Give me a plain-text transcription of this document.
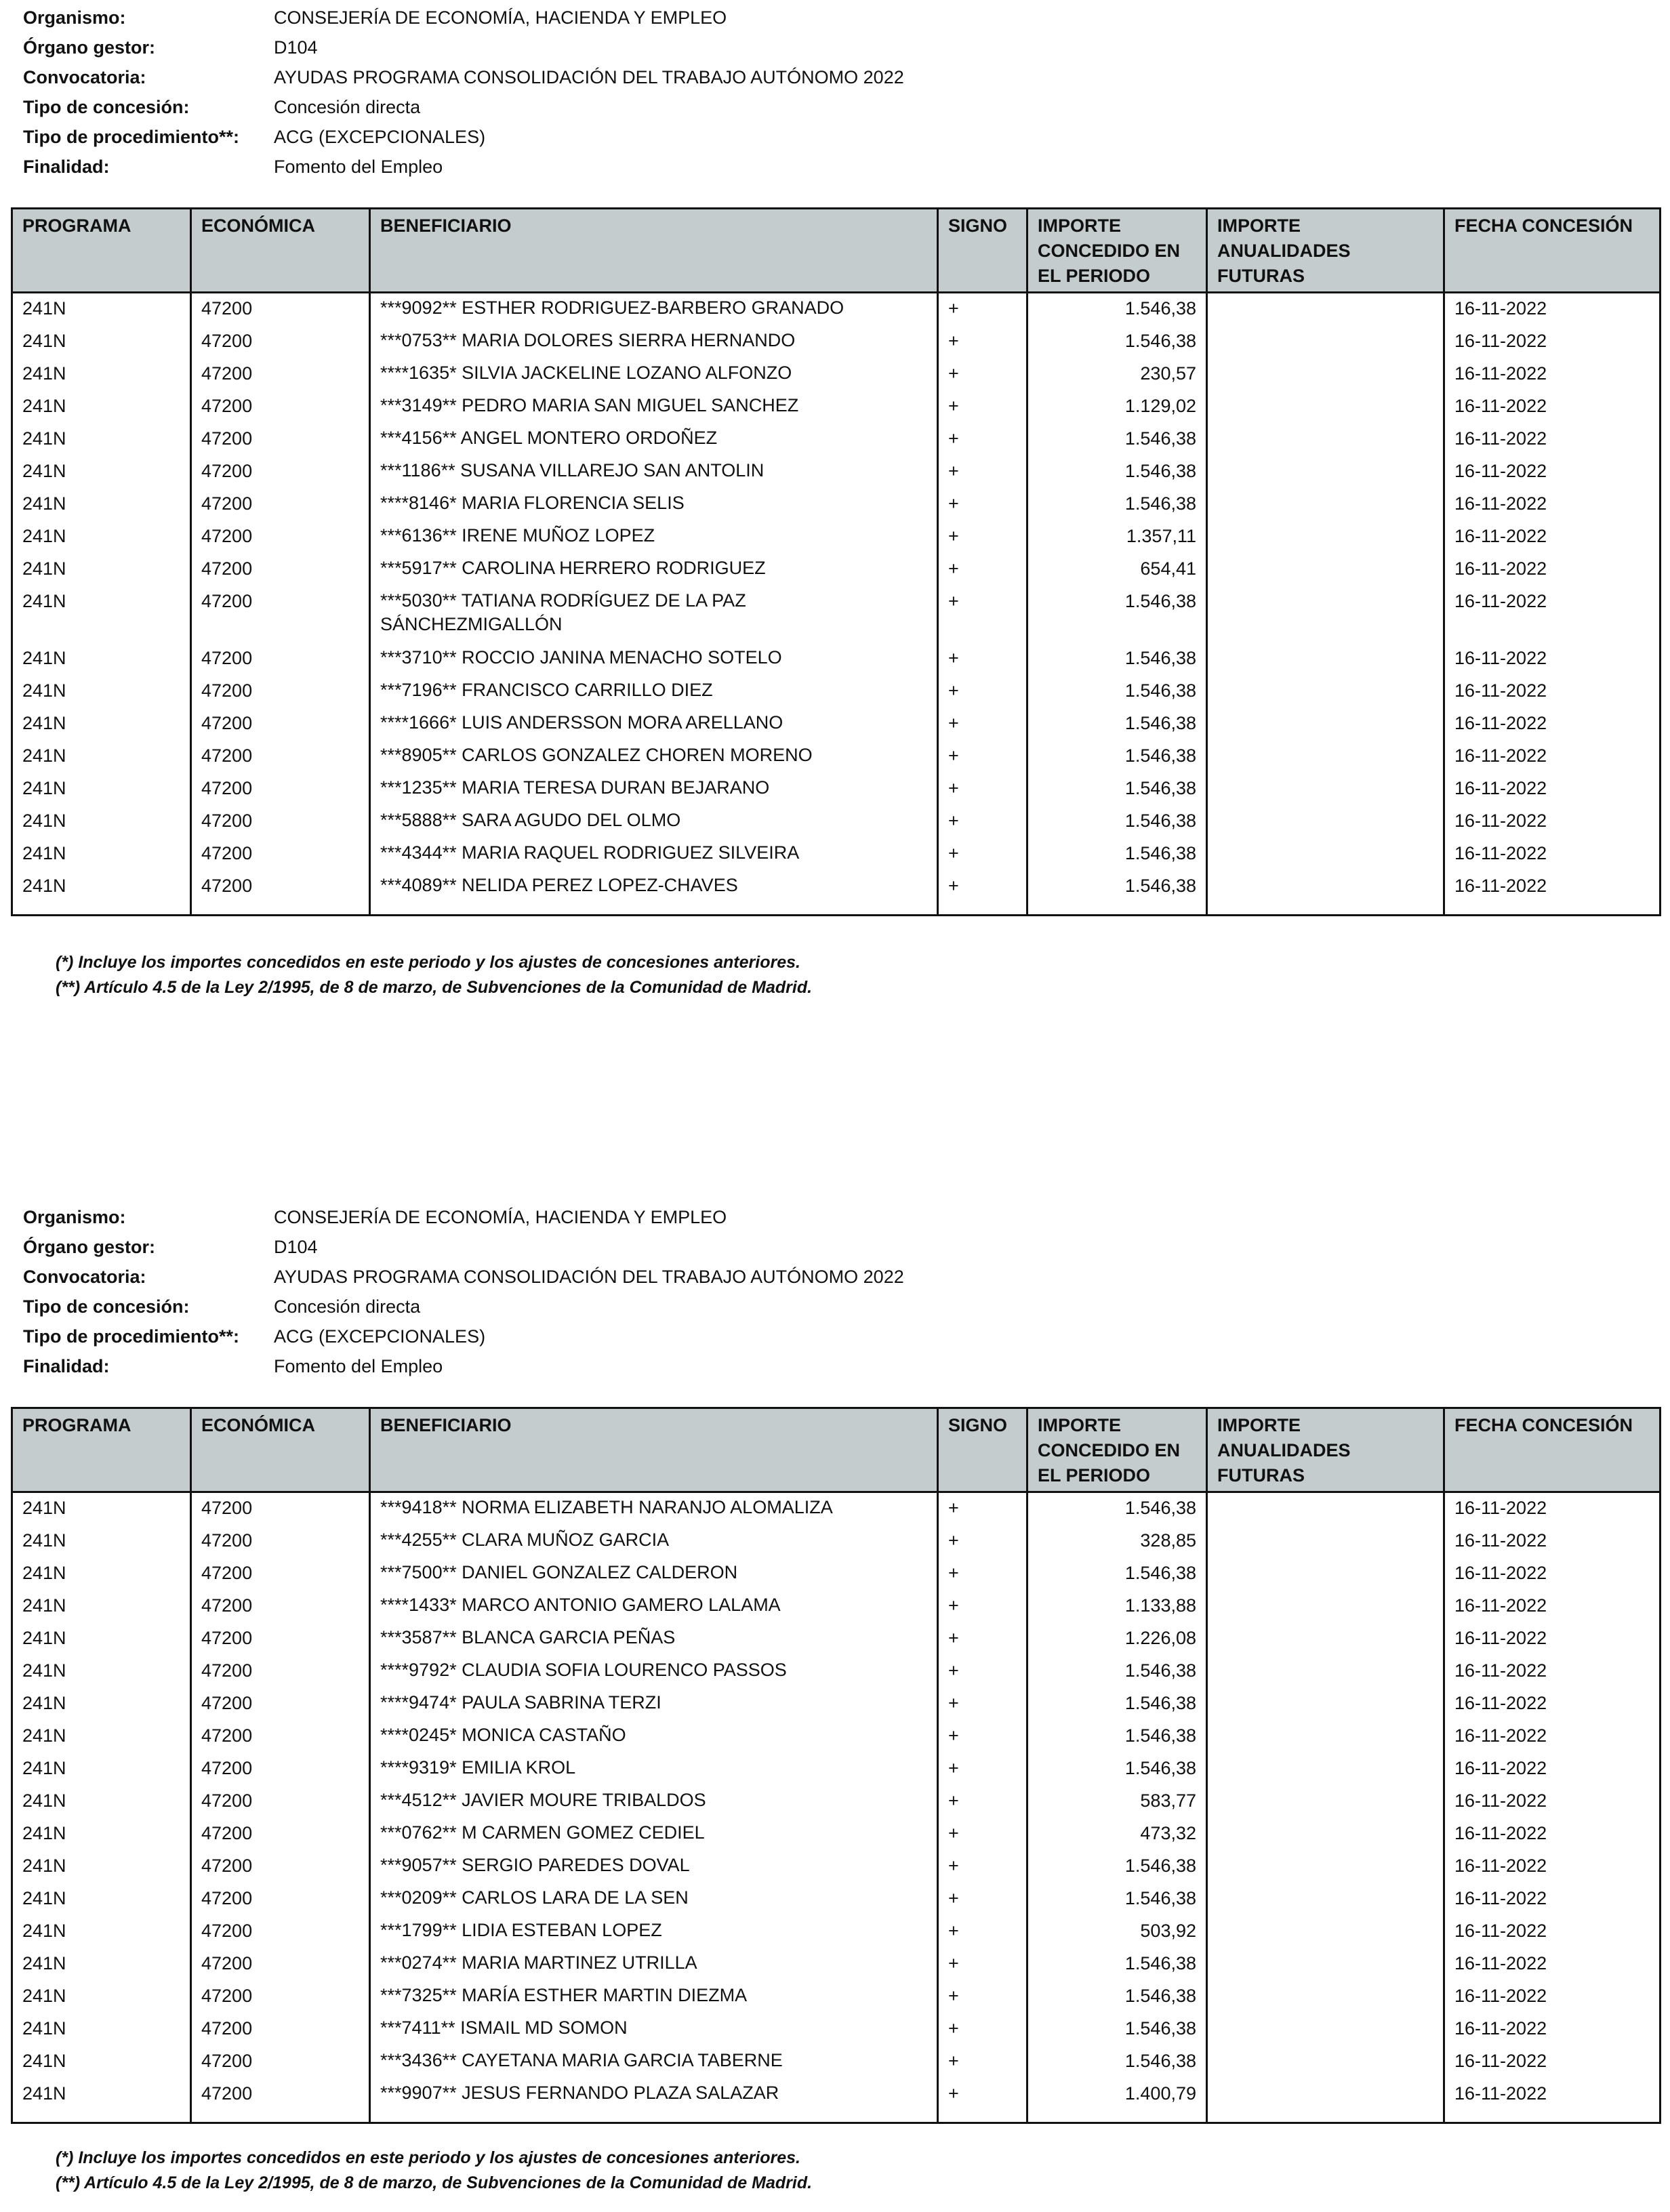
Organismo:	CONSEJERÍA DE ECONOMÍA, HACIENDA Y EMPLEO
Órgano gestor:	D104
Convocatoria:	AYUDAS PROGRAMA CONSOLIDACIÓN DEL TRABAJO AUTÓNOMO 2022
Tipo de concesión:	Concesión directa
Tipo de procedimiento**:	ACG (EXCEPCIONALES)
Finalidad:	Fomento del Empleo
PROGRAMA	ECONÓMICA	BENEFICIARIO	SIGNO	IMPORTE CONCEDIDO EN EL PERIODO	IMPORTE ANUALIDADES FUTURAS	FECHA CONCESIÓN
241N	47200	***9092** ESTHER RODRIGUEZ-BARBERO GRANADO	+	1.546,38		16-11-2022
241N	47200	***0753** MARIA DOLORES SIERRA HERNANDO	+	1.546,38		16-11-2022
241N	47200	****1635* SILVIA JACKELINE LOZANO ALFONZO	+	230,57		16-11-2022
241N	47200	***3149** PEDRO MARIA SAN MIGUEL SANCHEZ	+	1.129,02		16-11-2022
241N	47200	***4156** ANGEL MONTERO ORDOÑEZ	+	1.546,38		16-11-2022
241N	47200	***1186** SUSANA VILLAREJO SAN ANTOLIN	+	1.546,38		16-11-2022
241N	47200	****8146* MARIA FLORENCIA SELIS	+	1.546,38		16-11-2022
241N	47200	***6136** IRENE MUÑOZ LOPEZ	+	1.357,11		16-11-2022
241N	47200	***5917** CAROLINA HERRERO RODRIGUEZ	+	654,41		16-11-2022
241N	47200	***5030** TATIANA RODRÍGUEZ DE LA PAZ SÁNCHEZMIGALLÓN	+	1.546,38		16-11-2022
241N	47200	***3710** ROCCIO JANINA MENACHO SOTELO	+	1.546,38		16-11-2022
241N	47200	***7196** FRANCISCO CARRILLO DIEZ	+	1.546,38		16-11-2022
241N	47200	****1666* LUIS ANDERSSON MORA ARELLANO	+	1.546,38		16-11-2022
241N	47200	***8905** CARLOS GONZALEZ CHOREN MORENO	+	1.546,38		16-11-2022
241N	47200	***1235** MARIA TERESA DURAN BEJARANO	+	1.546,38		16-11-2022
241N	47200	***5888** SARA AGUDO DEL OLMO	+	1.546,38		16-11-2022
241N	47200	***4344** MARIA RAQUEL RODRIGUEZ SILVEIRA	+	1.546,38		16-11-2022
241N	47200	***4089** NELIDA PEREZ LOPEZ-CHAVES	+	1.546,38		16-11-2022

(*) Incluye los importes concedidos en este periodo y los ajustes de concesiones anteriores.
(**) Artículo 4.5 de la Ley 2/1995, de 8 de marzo, de Subvenciones de la Comunidad de Madrid.
Organismo:	CONSEJERÍA DE ECONOMÍA, HACIENDA Y EMPLEO
Órgano gestor:	D104
Convocatoria:	AYUDAS PROGRAMA CONSOLIDACIÓN DEL TRABAJO AUTÓNOMO 2022
Tipo de concesión:	Concesión directa
Tipo de procedimiento**:	ACG (EXCEPCIONALES)
Finalidad:	Fomento del Empleo
PROGRAMA	ECONÓMICA	BENEFICIARIO	SIGNO	IMPORTE CONCEDIDO EN EL PERIODO	IMPORTE ANUALIDADES FUTURAS	FECHA CONCESIÓN
241N	47200	***9418** NORMA ELIZABETH NARANJO ALOMALIZA	+	1.546,38		16-11-2022
241N	47200	***4255** CLARA MUÑOZ GARCIA	+	328,85		16-11-2022
241N	47200	***7500** DANIEL GONZALEZ CALDERON	+	1.546,38		16-11-2022
241N	47200	****1433* MARCO ANTONIO GAMERO LALAMA	+	1.133,88		16-11-2022
241N	47200	***3587** BLANCA GARCIA PEÑAS	+	1.226,08		16-11-2022
241N	47200	****9792* CLAUDIA SOFIA LOURENCO PASSOS	+	1.546,38		16-11-2022
241N	47200	****9474* PAULA SABRINA TERZI	+	1.546,38		16-11-2022
241N	47200	****0245* MONICA CASTAÑO	+	1.546,38		16-11-2022
241N	47200	****9319* EMILIA KROL	+	1.546,38		16-11-2022
241N	47200	***4512** JAVIER MOURE TRIBALDOS	+	583,77		16-11-2022
241N	47200	***0762** M CARMEN GOMEZ CEDIEL	+	473,32		16-11-2022
241N	47200	***9057** SERGIO PAREDES DOVAL	+	1.546,38		16-11-2022
241N	47200	***0209** CARLOS LARA DE LA SEN	+	1.546,38		16-11-2022
241N	47200	***1799** LIDIA ESTEBAN LOPEZ	+	503,92		16-11-2022
241N	47200	***0274** MARIA MARTINEZ UTRILLA	+	1.546,38		16-11-2022
241N	47200	***7325** MARÍA ESTHER MARTIN DIEZMA	+	1.546,38		16-11-2022
241N	47200	***7411** ISMAIL MD SOMON	+	1.546,38		16-11-2022
241N	47200	***3436** CAYETANA MARIA GARCIA TABERNE	+	1.546,38		16-11-2022
241N	47200	***9907** JESUS FERNANDO PLAZA SALAZAR	+	1.400,79		16-11-2022

(*) Incluye los importes concedidos en este periodo y los ajustes de concesiones anteriores.
(**) Artículo 4.5 de la Ley 2/1995, de 8 de marzo, de Subvenciones de la Comunidad de Madrid.
